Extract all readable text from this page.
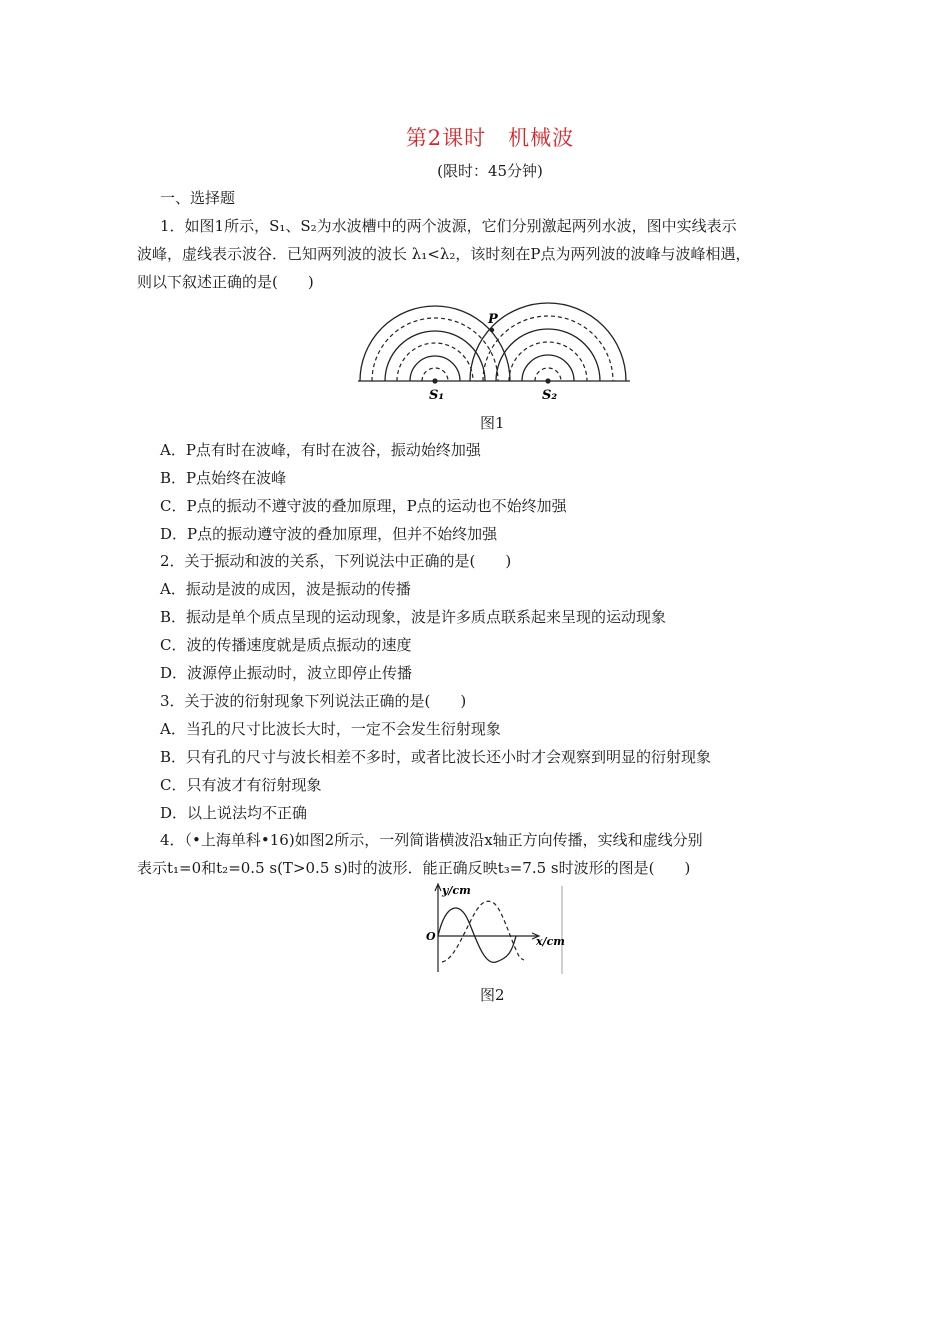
第2课时　机械波
(限时：45分钟)
一、选择题
1．如图1所示，S₁、S₂为水波槽中的两个波源，它们分别激起两列水波，图中实线表示
波峰，虚线表示波谷．已知两列波的波长 λ₁<λ₂，该时刻在P点为两列波的波峰与波峰相遇，
则以下叙述正确的是(　　)
P
S₁	S₂
图1
A．P点有时在波峰，有时在波谷，振动始终加强
B．P点始终在波峰
C．P点的振动不遵守波的叠加原理，P点的运动也不始终加强
D．P点的振动遵守波的叠加原理，但并不始终加强
2．关于振动和波的关系，下列说法中正确的是(　　)
A．振动是波的成因，波是振动的传播
B．振动是单个质点呈现的运动现象，波是许多质点联系起来呈现的运动现象
C．波的传播速度就是质点振动的速度
D．波源停止振动时，波立即停止传播
3．关于波的衍射现象下列说法正确的是(　　)
A．当孔的尺寸比波长大时，一定不会发生衍射现象
B．只有孔的尺寸与波长相差不多时，或者比波长还小时才会观察到明显的衍射现象
C．只有波才有衍射现象
D．以上说法均不正确
4．（•上海单科•16)如图2所示，一列简谐横波沿x轴正方向传播，实线和虚线分别
表示t₁=0和t₂=0.5 s(T>0.5 s)时的波形．能正确反映t₃=7.5 s时波形的图是(　　)
y/cm
x/cm
O
图2
